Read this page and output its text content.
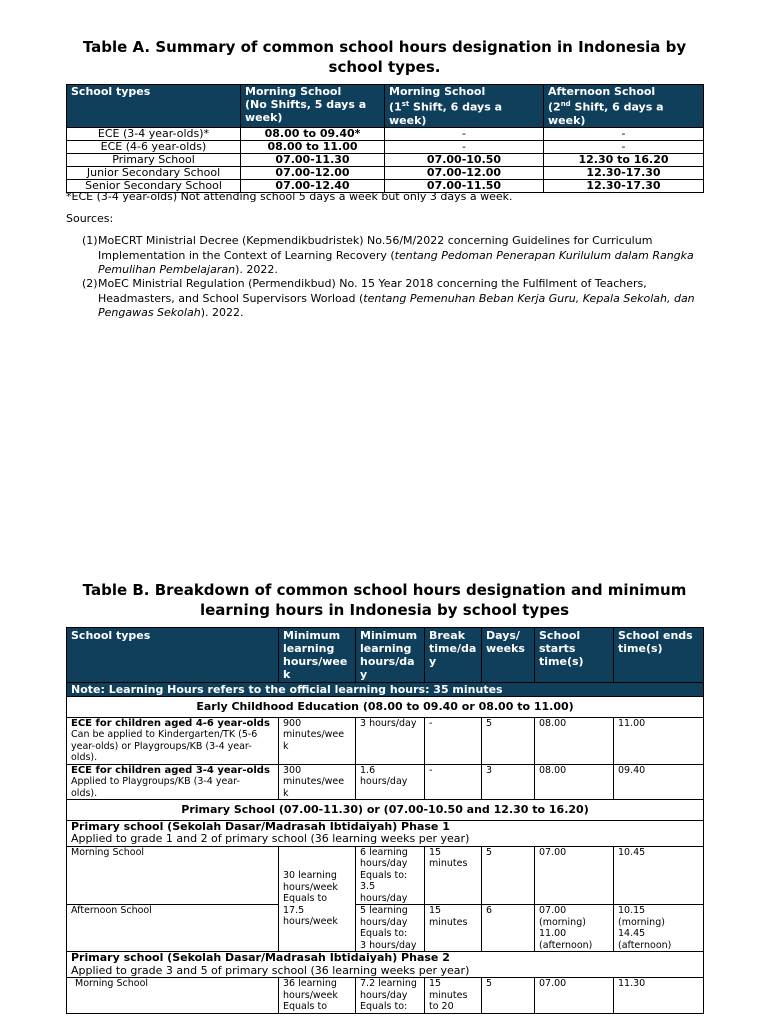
Table A. Summary of common school hours designation in Indonesia by
school types.
School types	Morning School
(No Shifts, 5 days a
week)	Morning School
(1st Shift, 6 days a
week)	Afternoon School
(2nd Shift, 6 days a
week)
ECE (3-4 year-olds)*	08.00 to 09.40*	-	-
ECE (4-6 year-olds)	08.00 to 11.00	-	-
Primary School	07.00-11.30	07.00-10.50	12.30 to 16.20
Junior Secondary School	07.00-12.00	07.00-12.00	12.30-17.30
Senior Secondary School	07.00-12.40	07.00-11.50	12.30-17.30
*ECE (3-4 year-olds) Not attending school 5 days a week but only 3 days a week.
Sources:
(1) MoECRT Ministrial Decree (Kepmendikbudristek) No.56/M/2022 concerning Guidelines for Curriculum Implementation in the Context of Learning Recovery (tentang Pedoman Penerapan Kurilulum dalam Rangka Pemulihan Pembelajaran). 2022.
(2) MoEC Ministrial Regulation (Permendikbud) No. 15 Year 2018 concerning the Fulfilment of Teachers, Headmasters, and School Supervisors Worload (tentang Pemenuhan Beban Kerja Guru, Kepala Sekolah, dan Pengawas Sekolah). 2022.
Table B. Breakdown of common school hours designation and minimum
learning hours in Indonesia by school types
School types	Minimum
learning
hours/wee
k	Minimum
learning
hours/da
y	Break
time/da
y	Days/
weeks	School
starts
time(s)	School ends
time(s)
Note: Learning Hours refers to the official learning hours: 35 minutes						
Early Childhood Education (08.00 to 09.40 or 08.00 to 11.00)						
ECE for children aged 4-6 year-olds
Can be applied to Kindergarten/TK (5-6
year-olds) or Playgroups/KB (3-4 year-
olds).	900
minutes/wee
k	3 hours/day	-	5	08.00	11.00
ECE for children aged 3-4 year-olds
Applied to Playgroups/KB (3-4 year-
olds).	300
minutes/wee
k	1.6
hours/day	-	3	08.00	09.40
Primary School (07.00-11.30) or (07.00-10.50 and 12.30 to 16.20)						
Primary school (Sekolah Dasar/Madrasah Ibtidaiyah) Phase 1
Applied to grade 1 and 2 of primary school (36 learning weeks per year)						
Morning School	30 learning
hours/week
Equals to
17.5
hours/week	6 learning
hours/day
Equals to:
3.5
hours/day	15
minutes	5	07.00	10.45
Afternoon School		5 learning
hours/day
Equals to:
3 hours/day	15
minutes	6	07.00
(morning)
11.00
(afternoon)	10.15
(morning)
14.45
(afternoon)
Primary school (Sekolah Dasar/Madrasah Ibtidaiyah) Phase 2
Applied to grade 3 and 5 of primary school (36 learning weeks per year)						
Morning School	36 learning
hours/week
Equals to	7.2 learning
hours/day
Equals to:	15
minutes
to 20	5	07.00	11.30
